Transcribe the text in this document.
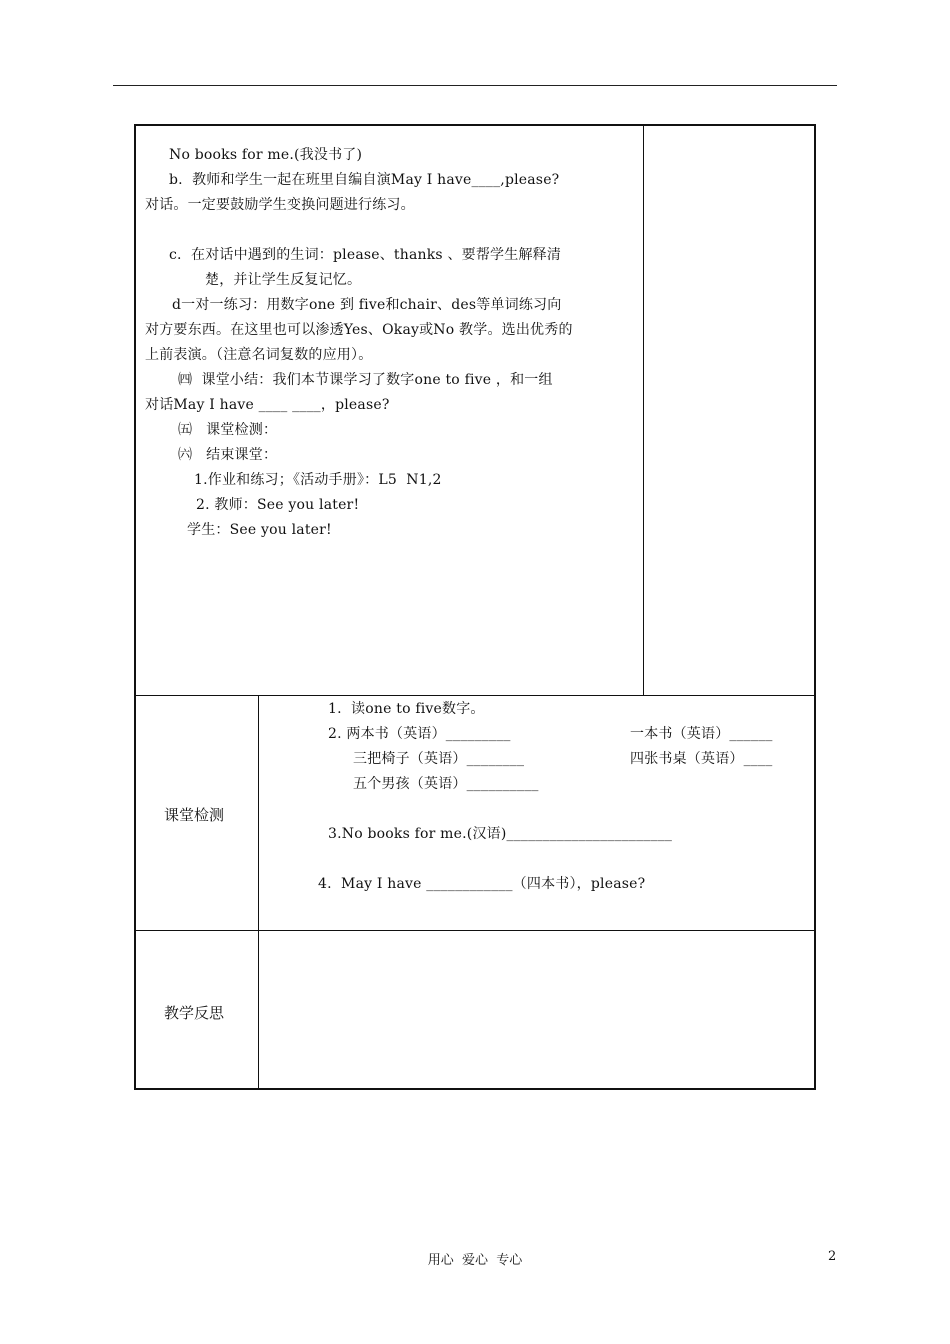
No books for me.(我没书了)
b.  教师和学生一起在班里自编自演May I have____,please?
对话。一定要鼓励学生变换问题进行练习。
c.  在对话中遇到的生词：please、thanks 、要帮学生解释清
楚，并让学生反复记忆。
d一对一练习：用数字one 到 five和chair、des等单词练习向
对方要东西。在这里也可以渗透Yes、Okay或No 教学。选出优秀的
上前表演。（注意名词复数的应用）。
㈣  课堂小结：我们本节课学习了数字one to five ，和一组
对话May I have ____ ____，please?
㈤   课堂检测：
㈥   结束课堂：
1.作业和练习；《活动手册》：L5  N1,2
2. 教师：See you later!
学生：See you later!
课堂检测
1.  读one to five数字。
2. 两本书（英语）_________	一本书（英语）______
三把椅子（英语）________	四张书桌（英语）____
五个男孩（英语）__________
3.No books for me.(汉语)_______________________
4.  May I have ____________（四本书），please?
教学反思
用心  爱心  专心	2
